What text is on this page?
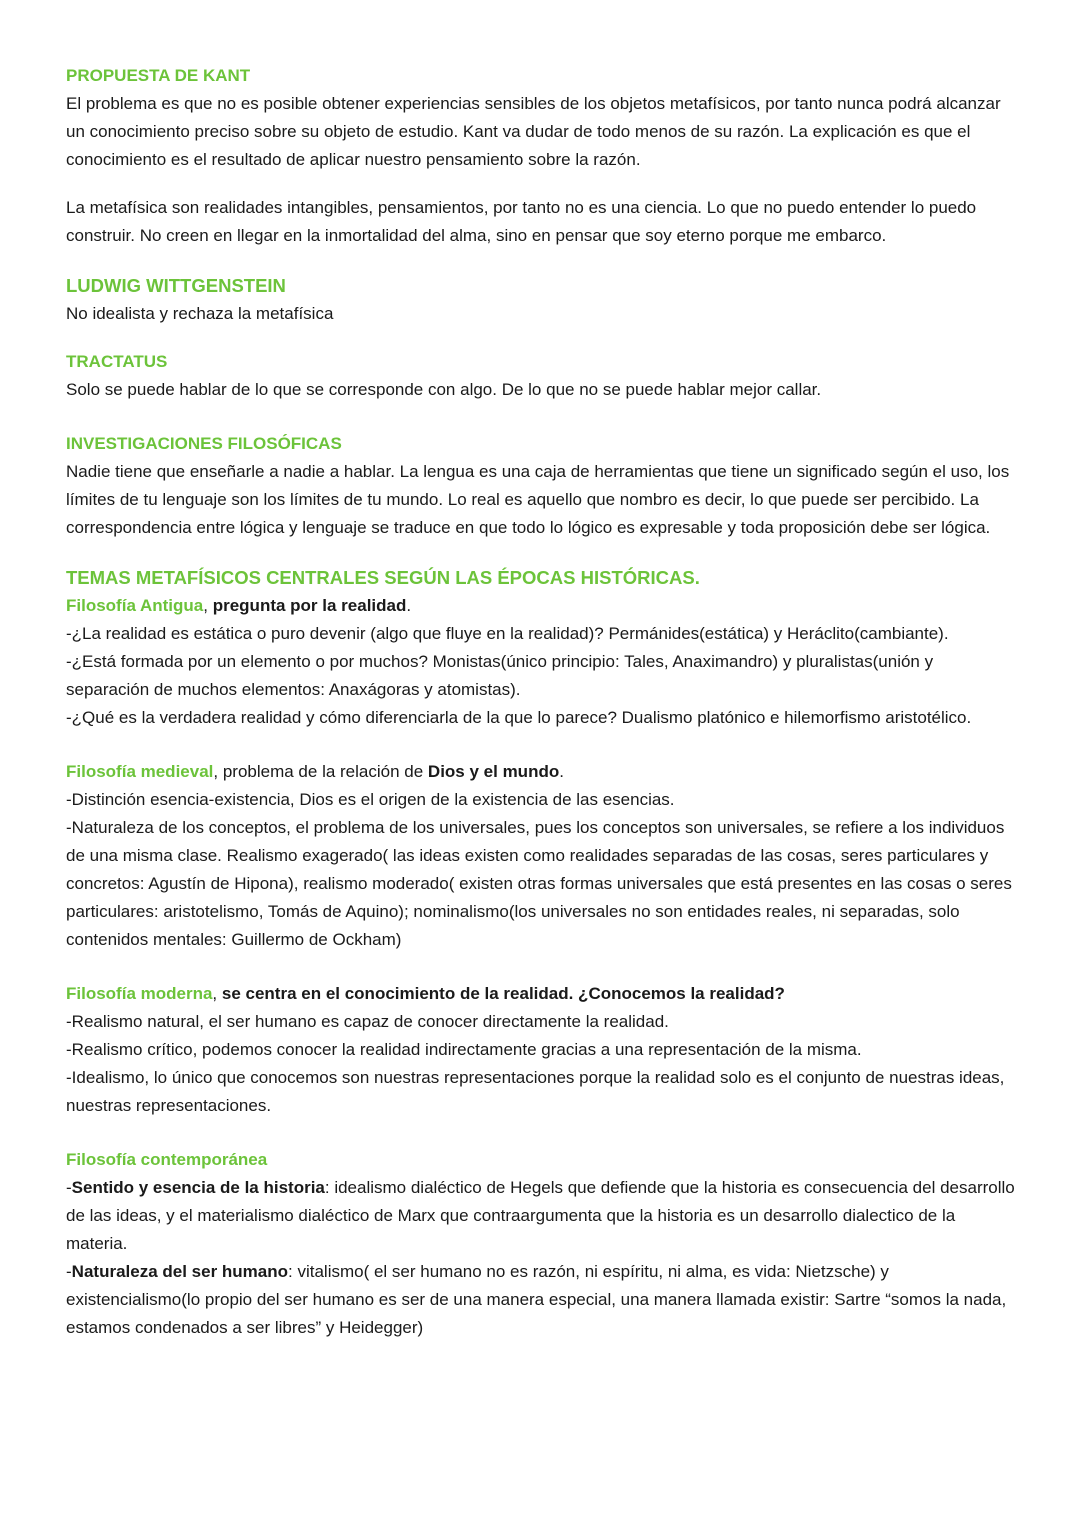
PROPUESTA DE KANT

El problema es que no es posible obtener experiencias sensibles de los objetos metafísicos, por tanto nunca podrá alcanzar un conocimiento preciso sobre su objeto de estudio. Kant va dudar de todo menos de su razón. La explicación es que el conocimiento es el resultado de aplicar nuestro pensamiento sobre la razón.

La metafísica son realidades intangibles, pensamientos, por tanto no es una ciencia. Lo que no puedo entender lo puedo construir. No creen en llegar en la inmortalidad del alma, sino en pensar que soy eterno porque me embarco.

LUDWIG WITTGENSTEIN

No idealista y rechaza la metafísica

TRACTATUS

Solo se puede hablar de lo que se corresponde con algo. De lo que no se puede hablar mejor callar.

INVESTIGACIONES FILOSÓFICAS

Nadie tiene que enseñarle a nadie a hablar. La lengua es una caja de herramientas que tiene un significado según el uso, los límites de tu lenguaje son los límites de tu mundo. Lo real es aquello que nombro es decir, lo que puede ser percibido. La correspondencia entre lógica y lenguaje se traduce en que todo lo lógico es expresable y toda proposición debe ser lógica.

TEMAS METAFÍSICOS CENTRALES SEGÚN LAS ÉPOCAS HISTÓRICAS.

Filosofía Antigua, pregunta por la realidad.

-¿La realidad es estática o puro devenir (algo que fluye en la realidad)? Permánides(estática) y Heráclito(cambiante).

-¿Está formada por un elemento o por muchos? Monistas(único principio: Tales, Anaximandro) y pluralistas(unión y separación de muchos elementos: Anaxágoras y atomistas).

-¿Qué es la verdadera realidad y cómo diferenciarla de la que lo parece? Dualismo platónico e hilemorfismo aristotélico.

Filosofía medieval, problema de la relación de Dios y el mundo.

-Distinción esencia-existencia, Dios es el origen de la existencia de las esencias.

-Naturaleza de los conceptos, el problema de los universales, pues los conceptos son universales, se refiere a los individuos de una misma clase. Realismo exagerado( las ideas existen como realidades separadas de las cosas, seres particulares y concretos: Agustín de Hipona), realismo moderado( existen otras formas universales que está presentes en las cosas o seres particulares: aristotelismo, Tomás de Aquino); nominalismo(los universales no son entidades reales, ni separadas, solo contenidos mentales: Guillermo de Ockham)

Filosofía moderna, se centra en el conocimiento de la realidad. ¿Conocemos la realidad?

-Realismo natural, el ser humano es capaz de conocer directamente la realidad.

-Realismo crítico, podemos conocer la realidad indirectamente gracias a una representación de la misma.

-Idealismo, lo único que conocemos son nuestras representaciones porque la realidad solo es el conjunto de nuestras ideas, nuestras representaciones.

Filosofía contemporánea

-Sentido y esencia de la historia: idealismo dialéctico de Hegels que defiende que la historia es consecuencia del desarrollo de las ideas, y el materialismo dialéctico de Marx que contraargumenta que la historia es un desarrollo dialectico de la materia.

-Naturaleza del ser humano: vitalismo( el ser humano no es razón, ni espíritu, ni alma, es vida: Nietzsche) y existencialismo(lo propio del ser humano es ser de una manera especial, una manera llamada existir: Sartre “somos la nada, estamos condenados a ser libres” y Heidegger)
